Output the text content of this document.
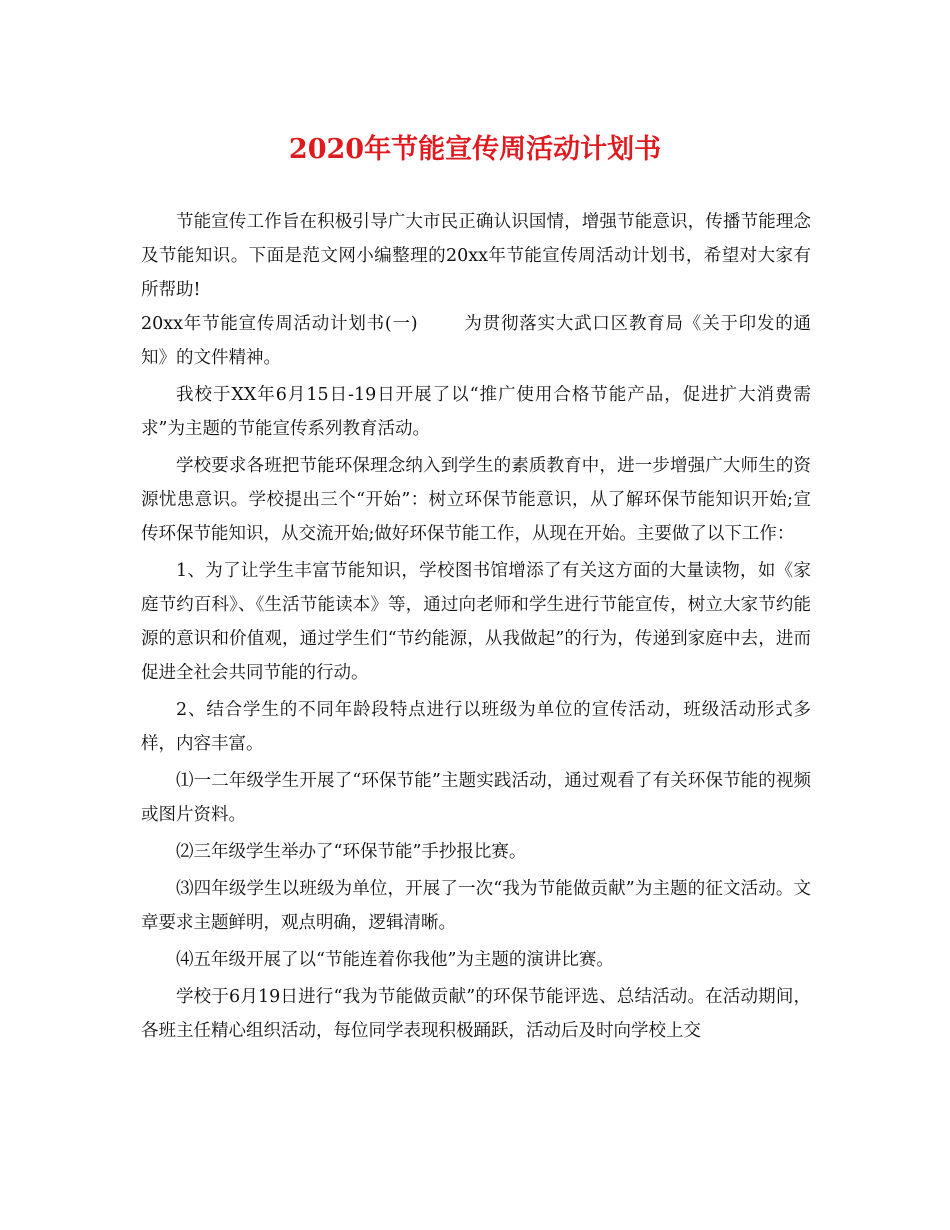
2020年节能宣传周活动计划书

节能宣传工作旨在积极引导广大市民正确认识国情，增强节能意识，传播节能理念及节能知识。下面是范文网小编整理的20xx年节能宣传周活动计划书，希望对大家有所帮助!

20xx年节能宣传周活动计划书(一)	为贯彻落实大武口区教育局《关于印发的通知》的文件精神。

我校于XX年6月15日-19日开展了以“推广使用合格节能产品，促进扩大消费需求”为主题的节能宣传系列教育活动。

学校要求各班把节能环保理念纳入到学生的素质教育中，进一步增强广大师生的资源忧患意识。学校提出三个“开始”：树立环保节能意识，从了解环保节能知识开始;宣传环保节能知识，从交流开始;做好环保节能工作，从现在开始。主要做了以下工作：

1、为了让学生丰富节能知识，学校图书馆增添了有关这方面的大量读物，如《家庭节约百科》、《生活节能读本》等，通过向老师和学生进行节能宣传，树立大家节约能源的意识和价值观，通过学生们“节约能源，从我做起”的行为，传递到家庭中去，进而促进全社会共同节能的行动。

2、结合学生的不同年龄段特点进行以班级为单位的宣传活动，班级活动形式多样，内容丰富。

⑴一二年级学生开展了“环保节能”主题实践活动，通过观看了有关环保节能的视频或图片资料。

⑵三年级学生举办了“环保节能”手抄报比赛。

⑶四年级学生以班级为单位，开展了一次“我为节能做贡献”为主题的征文活动。文章要求主题鲜明，观点明确，逻辑清晰。

⑷五年级开展了以“节能连着你我他”为主题的演讲比赛。

学校于6月19日进行“我为节能做贡献”的环保节能评选、总结活动。在活动期间，各班主任精心组织活动，每位同学表现积极踊跃，活动后及时向学校上交
